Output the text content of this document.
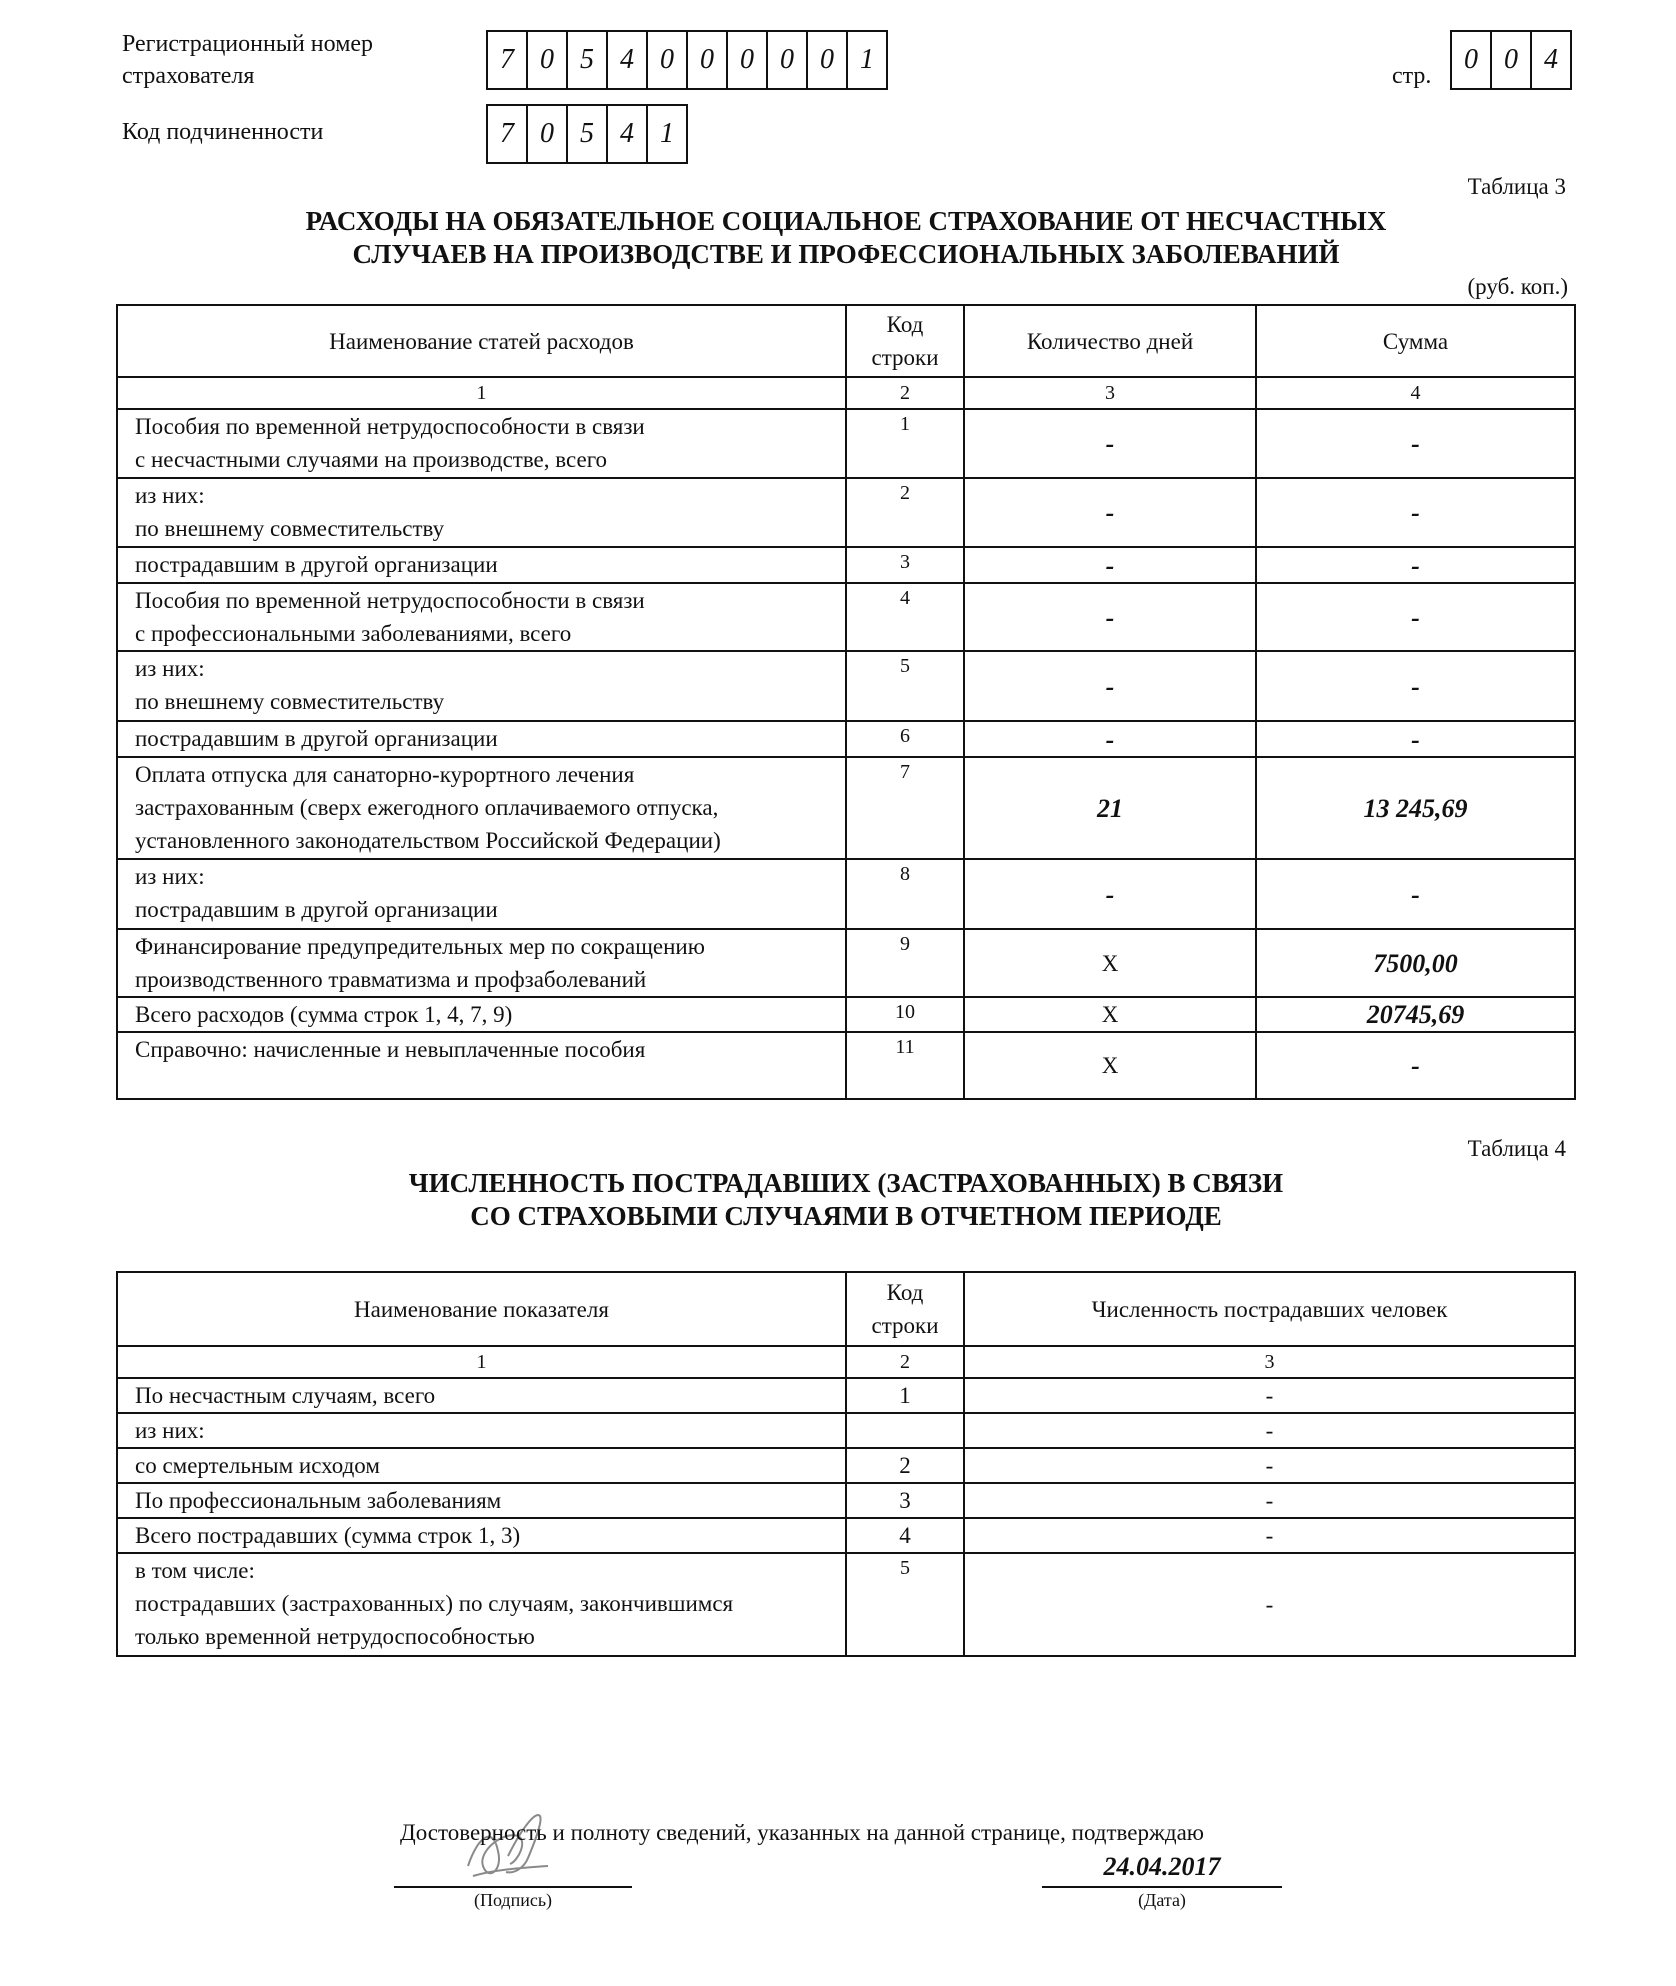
Регистрационный номер
страхователя
7 0 5 4 0 0 0 0 0 1
стр.
0 0 4
Код подчиненности	7 0 5 4 1
Таблица 3
РАСХОДЫ НА ОБЯЗАТЕЛЬНОЕ СОЦИАЛЬНОЕ СТРАХОВАНИЕ ОТ НЕСЧАСТНЫХ
СЛУЧАЕВ НА ПРОИЗВОДСТВЕ И ПРОФЕССИОНАЛЬНЫХ ЗАБОЛЕВАНИЙ
(руб. коп.)
Наименование статей расходов	Код
строки	Количество дней	Сумма
1	2	3	4

Пособия по временной нетрудоспособности в связи
с несчастными случаями на производстве, всего	1	-	-

из них:
по внешнему совместительству	2	-	-
пострадавшим в другой организации	3	-	-

Пособия по временной нетрудоспособности в связи
с профессиональными заболеваниями, всего	4	-	-

из них:
по внешнему совместительству	5	-	-
пострадавшим в другой организации	6	-	-

Оплата отпуска для санаторно-курортного лечения
застрахованным (сверх ежегодного оплачиваемого отпуска,
установленного законодательством Российской Федерации)	7	21	13 245,69

из них:
пострадавшим в другой организации	8	-	-

Финансирование предупредительных мер по сокращению
производственного травматизма и профзаболеваний	9	X	7500,00
Всего расходов (сумма строк 1, 4, 7, 9)	10	X	20745,69
Справочно: начисленные и невыплаченные пособия	11	X	-
Таблица 4
ЧИСЛЕННОСТЬ ПОСТРАДАВШИХ (ЗАСТРАХОВАННЫХ) В СВЯЗИ
СО СТРАХОВЫМИ СЛУЧАЯМИ В ОТЧЕТНОМ ПЕРИОДЕ
Наименование показателя	Код
строки	Численность пострадавших человек
1	2	3
По несчастным случаям, всего	1	-
из них:		-
со смертельным исходом	2	-
По профессиональным заболеваниям	3	-
Всего пострадавших (сумма строк 1, 3)	4	-

в том числе:
пострадавших (застрахованных) по случаям, закончившимся
только временной нетрудоспособностью	5	-
Достоверность и полноту сведений, указанных на данной странице, подтверждаю
24.04.2017
(Подпись)	(Дата)
